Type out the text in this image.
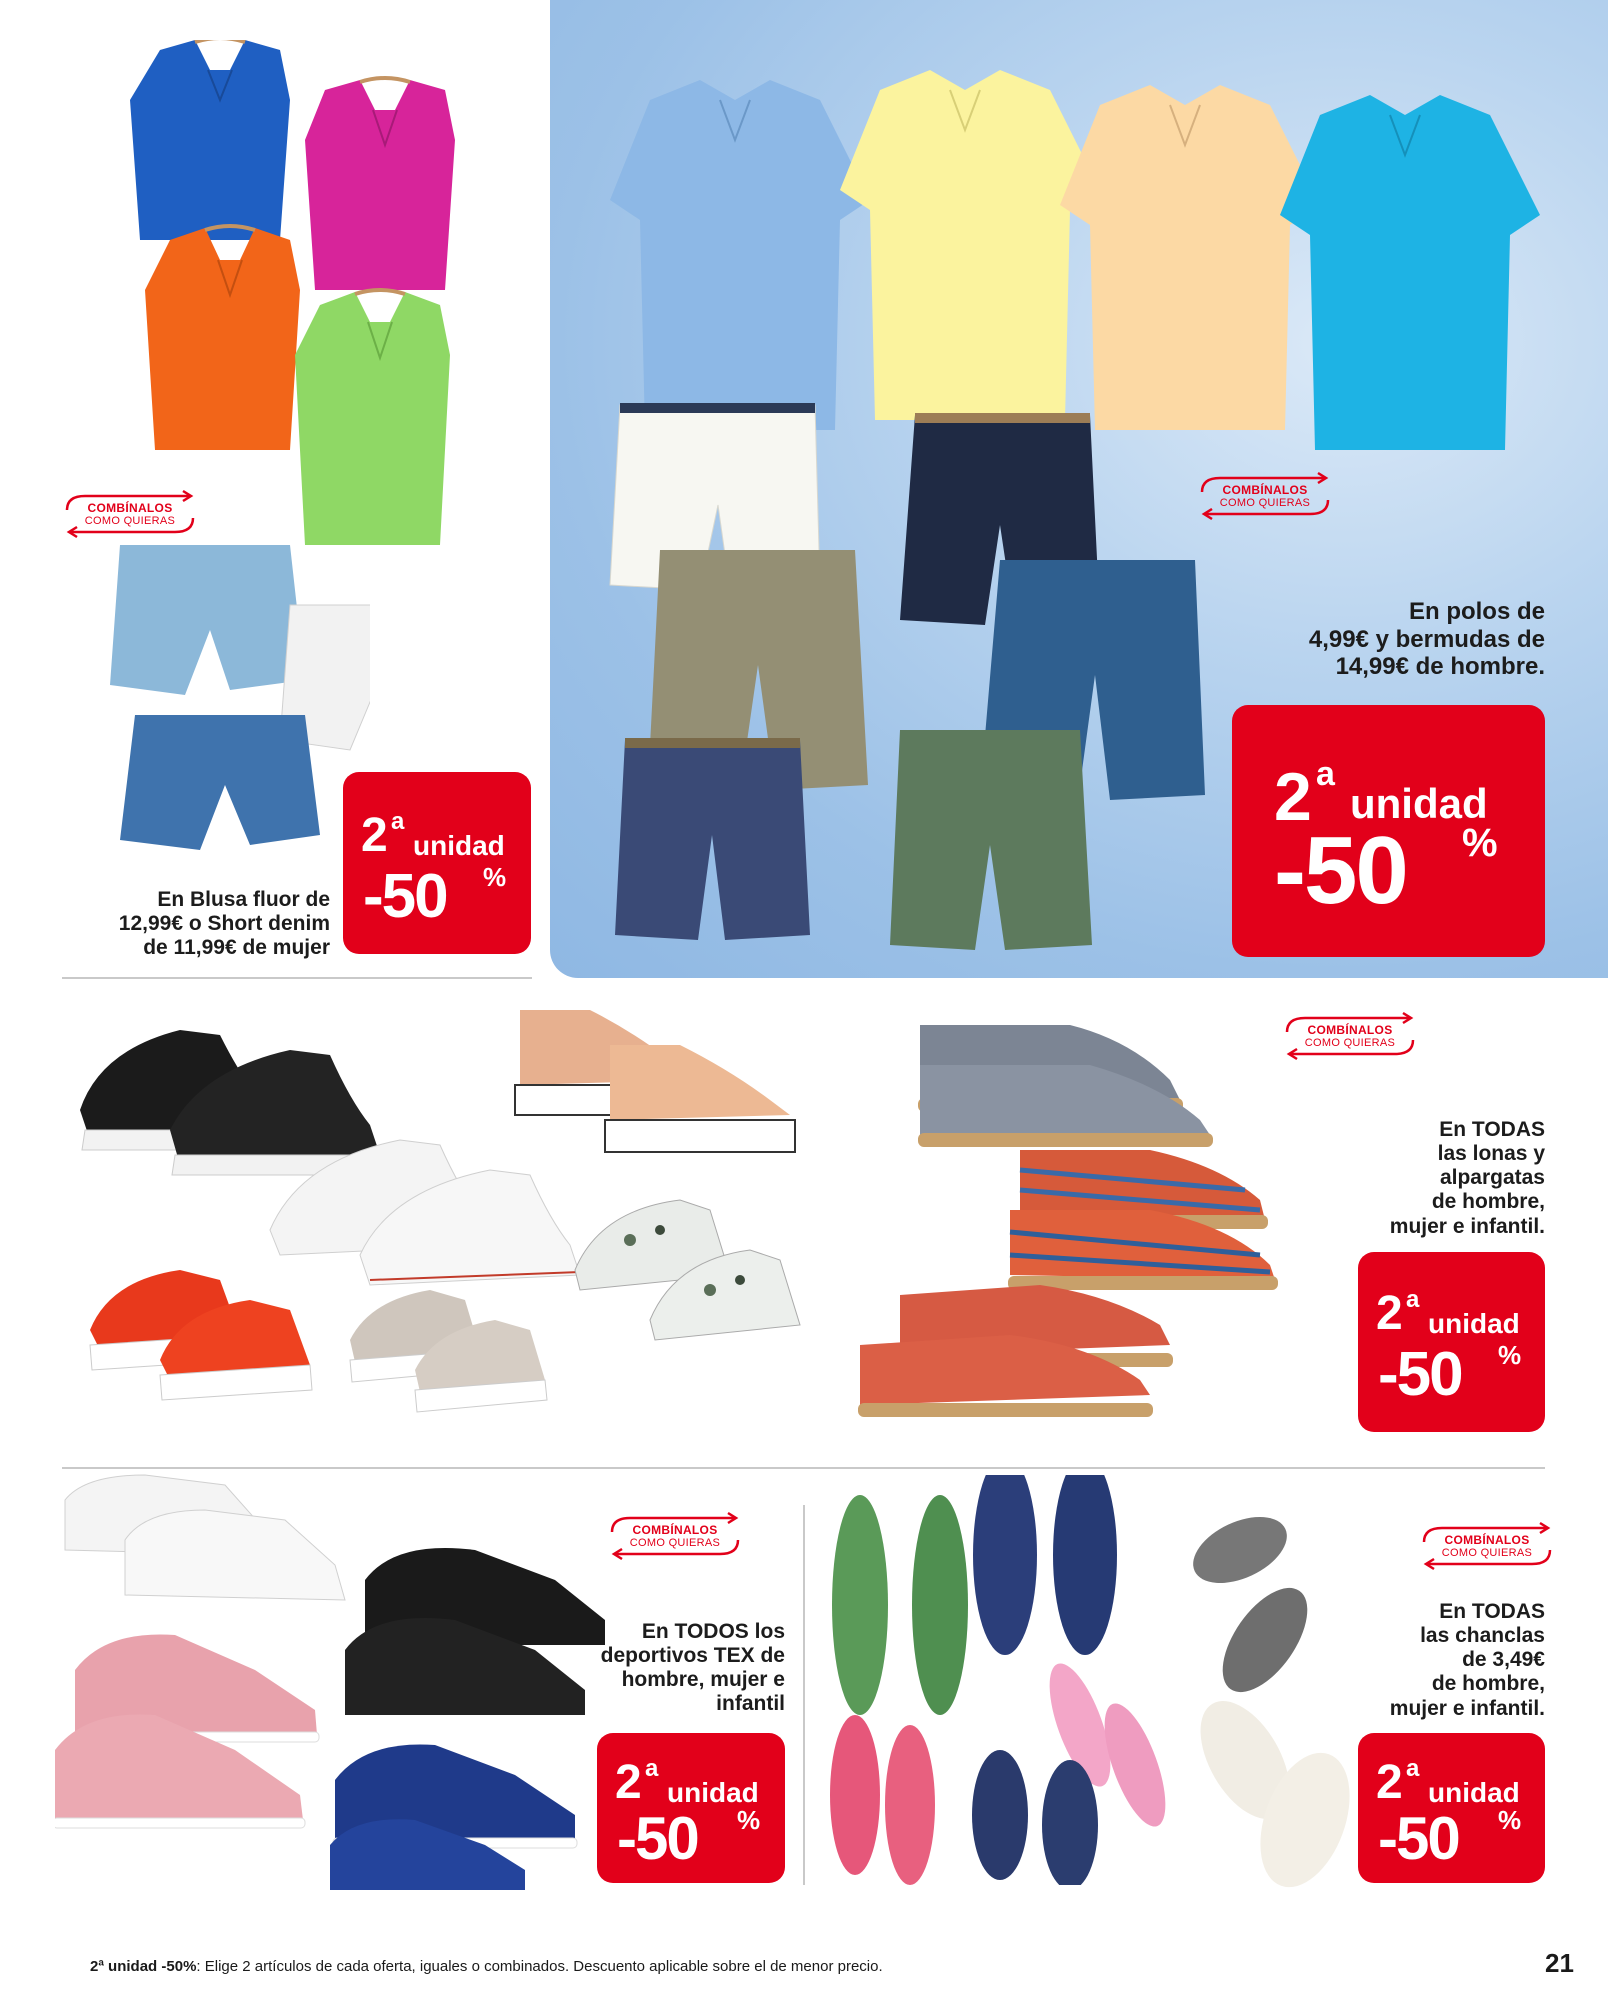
COMBÍNALOS
COMO QUIERAS
En Blusa fluor de
12,99€ o Short denim
de 11,99€ de mujer
2 a
unidad
-50 %
COMBÍNALOS
COMO QUIERAS
En polos de
4,99€ y bermudas de
14,99€ de hombre.
2 a
unidad
-50 %
COMBÍNALOS
COMO QUIERAS
En TODAS
las lonas y
alpargatas
de hombre,
mujer e infantil.
2 a
unidad
-50 %
COMBÍNALOS
COMO QUIERAS
En TODOS los
deportivos TEX de
hombre, mujer e
infantil
2 a
unidad
-50 %
COMBÍNALOS
COMO QUIERAS
En TODAS
las chanclas
de 3,49€
de hombre,
mujer e infantil.
2 a
unidad
-50 %
2ª unidad -50%: Elige 2 artículos de cada oferta, iguales o combinados. Descuento aplicable sobre el de menor precio.	21
